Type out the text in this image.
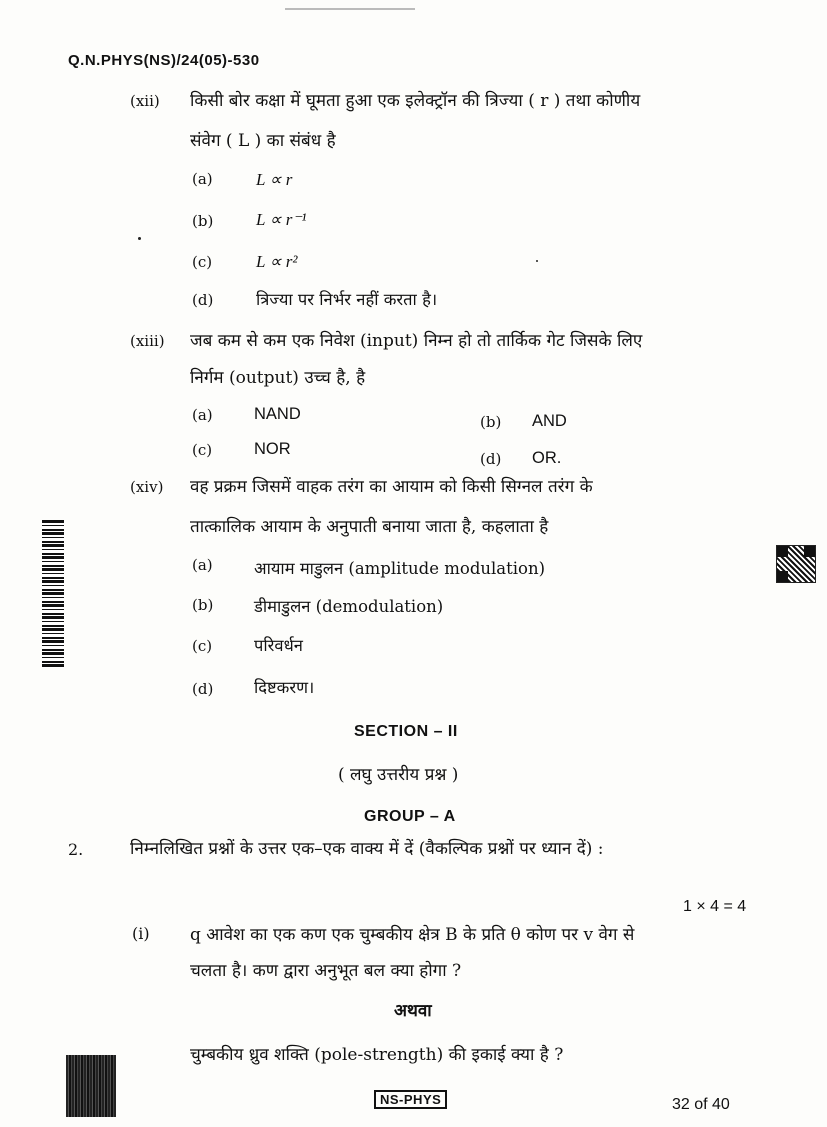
Q.N.PHYS(NS)/24(05)-530
(xii) किसी बोर कक्षा में घूमता हुआ एक इलेक्ट्रॉन की त्रिज्या ( r ) तथा कोणीय
संवेग ( L ) का संबंध है
(a)	L ∝ r
(b)	L ∝ r⁻¹
(c)	L ∝ r²
(d)	त्रिज्या पर निर्भर नहीं करता है।
(xiii) जब कम से कम एक निवेश (input) निम्न हो तो तार्किक गेट जिसके लिए
निर्गम (output) उच्च है, है
(a)	NAND	(b) AND
(c)	NOR
(d) OR.
(xiv) वह प्रक्रम जिसमें वाहक तरंग का आयाम को किसी सिग्नल तरंग के
तात्कालिक आयाम के अनुपाती बनाया जाता है, कहलाता है
(a)	आयाम माडुलन (amplitude modulation)
(b) डीमाडुलन (demodulation)
(c)	परिवर्धन
(d) दिष्टकरण।
SECTION – II
( लघु उत्तरीय प्रश्न )
GROUP – A
2.	निम्नलिखित प्रश्नों के उत्तर एक–एक वाक्य में दें (वैकल्पिक प्रश्नों पर ध्यान दें) :
1 × 4 = 4
(i) q आवेश का एक कण एक चुम्बकीय क्षेत्र B के प्रति θ कोण पर v वेग से
चलता है। कण द्वारा अनुभूत बल क्या होगा ?
अथवा
चुम्बकीय ध्रुव शक्ति (pole-strength) की इकाई क्या है ?
NS-PHYS	32 of 40
